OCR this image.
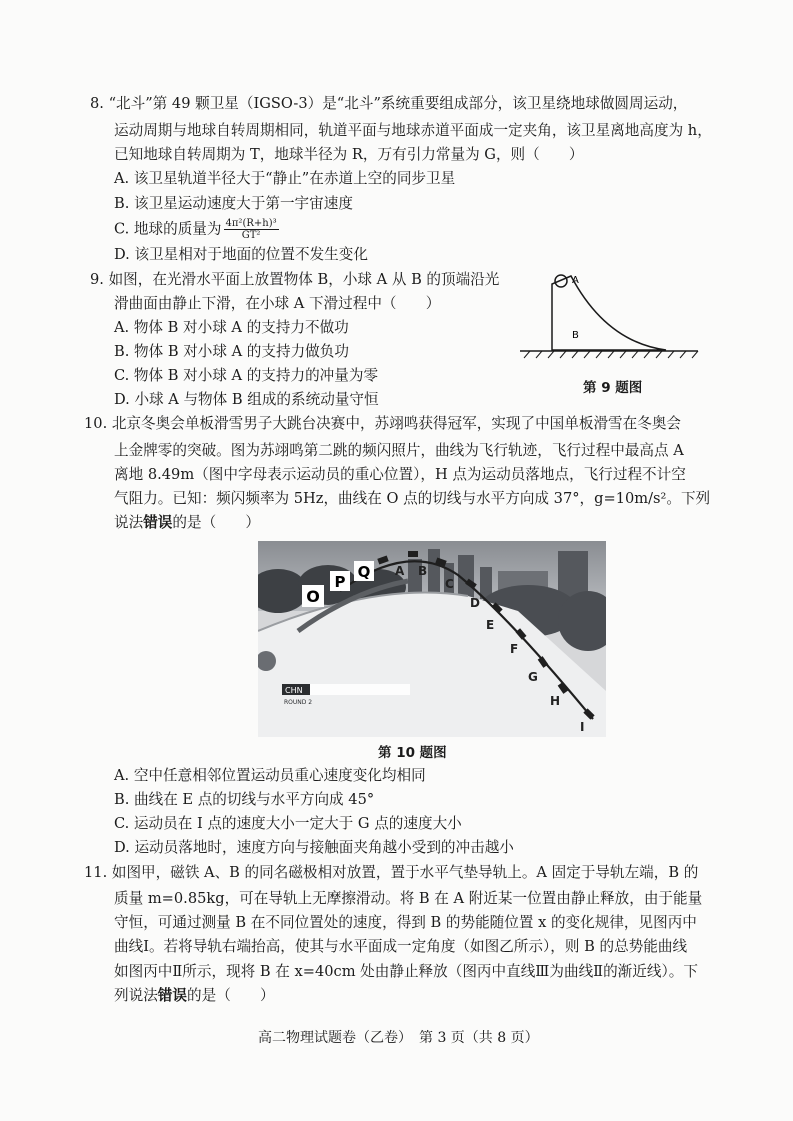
8. “北斗”第 49 颗卫星（IGSO-3）是“北斗”系统重要组成部分，该卫星绕地球做圆周运动，
运动周期与地球自转周期相同，轨道平面与地球赤道平面成一定夹角，该卫星离地高度为 h，
已知地球自转周期为 T，地球半径为 R，万有引力常量为 G，则（　　）
A. 该卫星轨道半径大于“静止”在赤道上空的同步卫星
B. 该卫星运动速度大于第一宇宙速度
C. 地球的质量为 $\frac{\text{4π²(R+h)³}}{\text{GT²}}$
D. 该卫星相对于地面的位置不发生变化
9. 如图，在光滑水平面上放置物体 B，小球 A 从 B 的顶端沿光
滑曲面由静止下滑，在小球 A 下滑过程中（　　）
A. 物体 B 对小球 A 的支持力不做功
B. 物体 B 对小球 A 的支持力做负功
C. 物体 B 对小球 A 的支持力的冲量为零
D. 小球 A 与物体 B 组成的系统动量守恒
A
B
第 9 题图
10. 北京冬奥会单板滑雪男子大跳台决赛中，苏翊鸣获得冠军，实现了中国单板滑雪在冬奥会
上金牌零的突破。图为苏翊鸣第二跳的频闪照片，曲线为飞行轨迹，飞行过程中最高点 A
离地 8.49m（图中字母表示运动员的重心位置），H 点为运动员落地点，飞行过程不计空
气阻力。已知：频闪频率为 5Hz，曲线在 O 点的切线与水平方向成 37°，g=10m/s²。下列
说法错误的是（　　）
O
P
Q A B
C
D
E
F
G
H
I
CHN
ROUND 2
第 10 题图
A. 空中任意相邻位置运动员重心速度变化均相同
B. 曲线在 E 点的切线与水平方向成 45°
C. 运动员在 I 点的速度大小一定大于 G 点的速度大小
D. 运动员落地时，速度方向与接触面夹角越小受到的冲击越小
11. 如图甲，磁铁 A、B 的同名磁极相对放置，置于水平气垫导轨上。A 固定于导轨左端，B 的
质量 m=0.85kg，可在导轨上无摩擦滑动。将 B 在 A 附近某一位置由静止释放，由于能量
守恒，可通过测量 B 在不同位置处的速度，得到 B 的势能随位置 x 的变化规律，见图丙中
曲线Ⅰ。若将导轨右端抬高，使其与水平面成一定角度（如图乙所示），则 B 的总势能曲线
如图丙中Ⅱ所示，现将 B 在 x=40cm 处由静止释放（图丙中直线Ⅲ为曲线Ⅱ的渐近线）。下
列说法错误的是（　　）
高二物理试题卷（乙卷）　第 3 页（共 8 页）
